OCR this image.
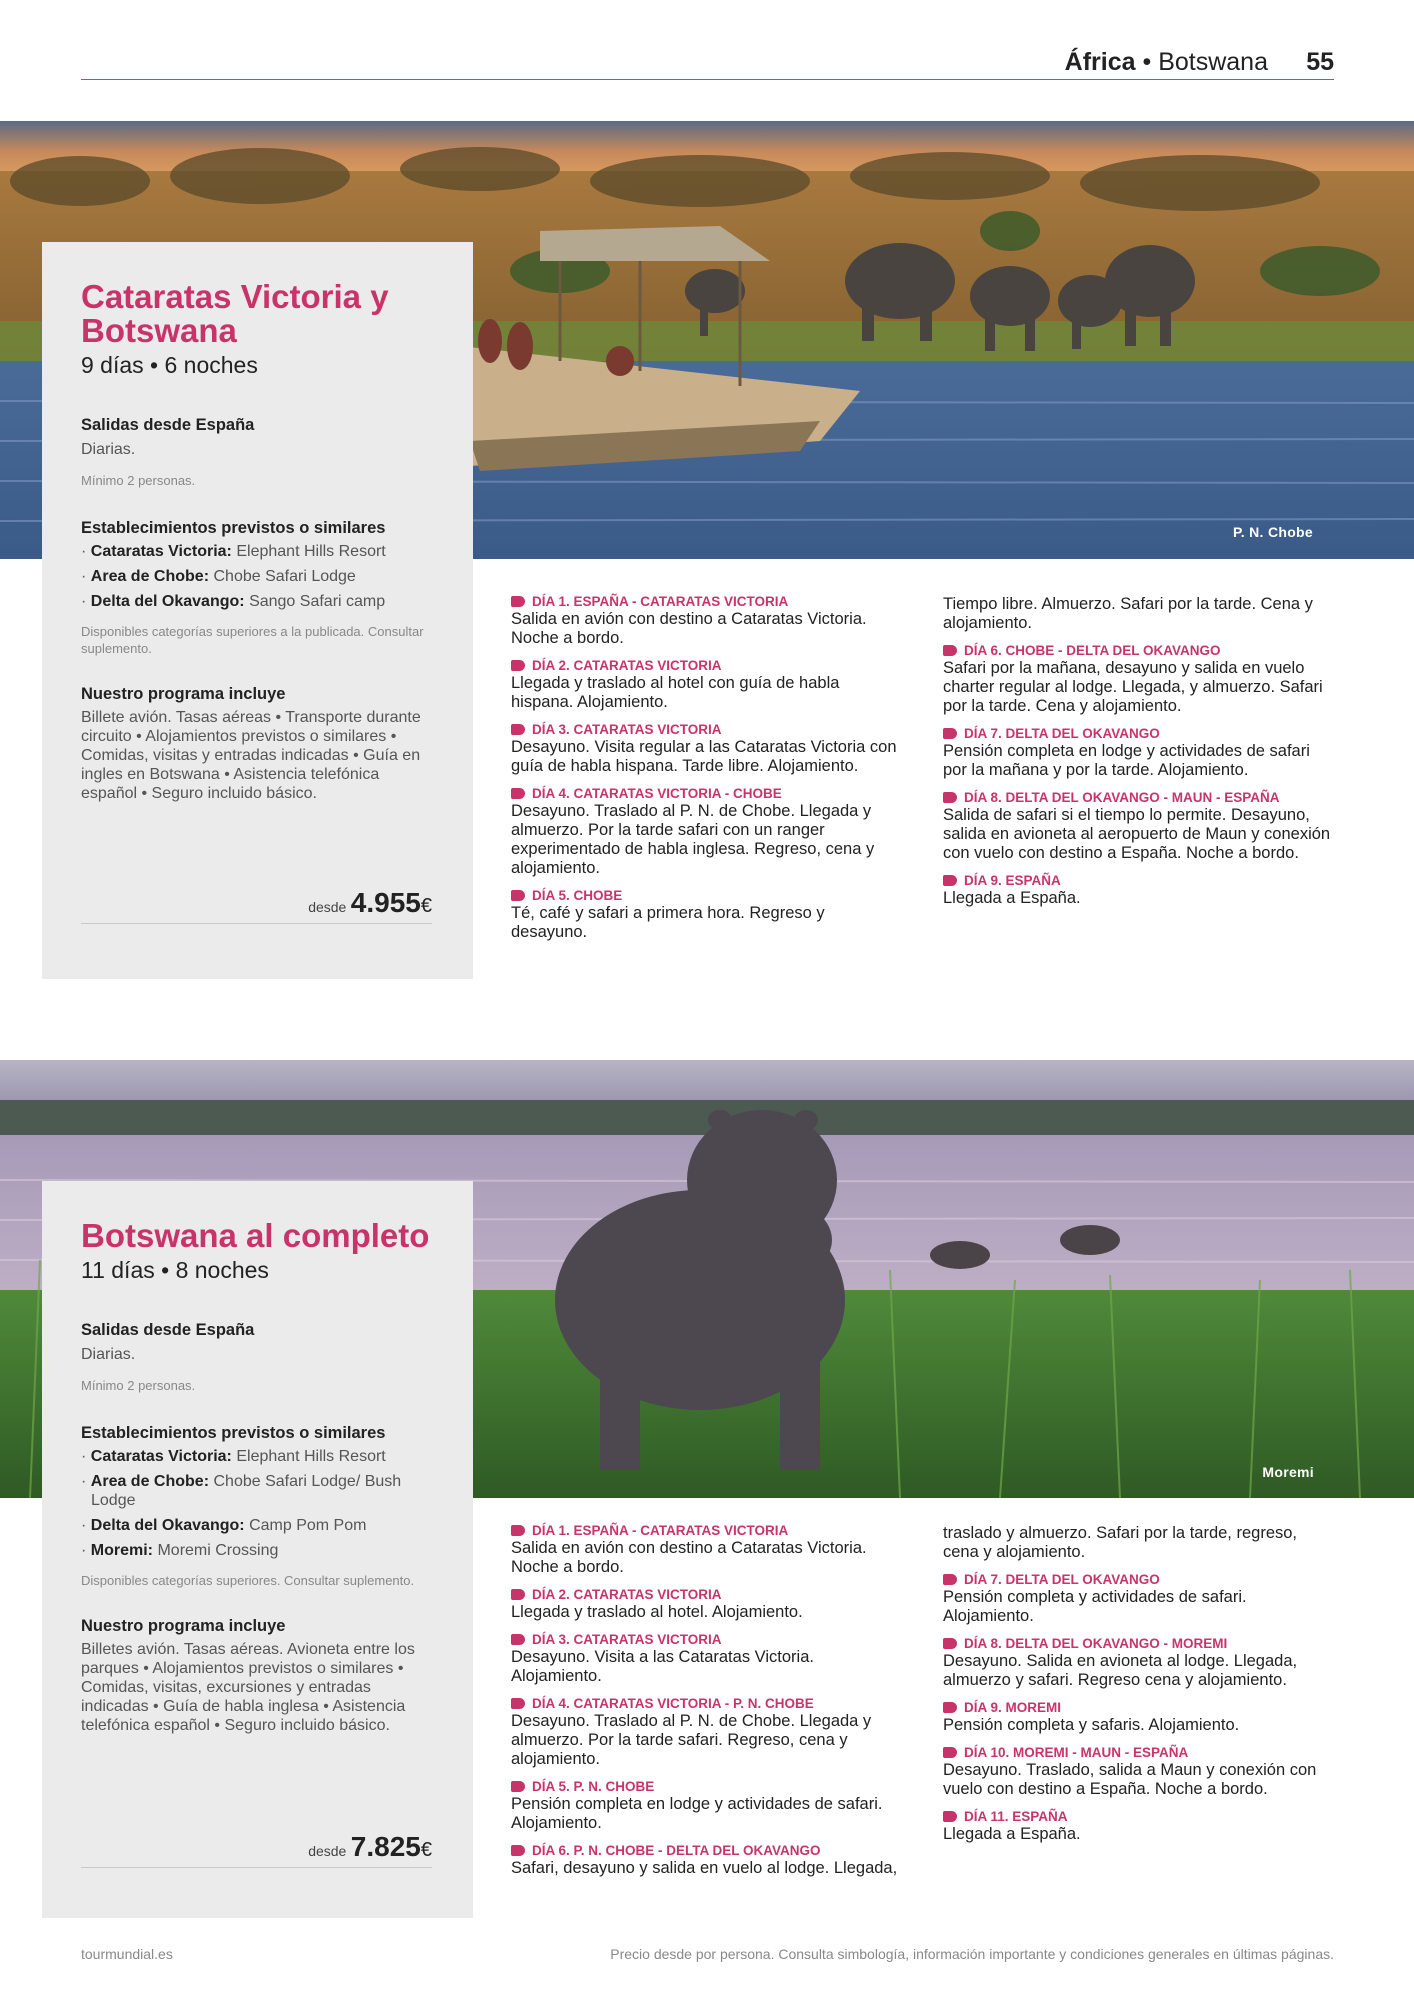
África • Botswana 55
P. N. Chobe
Cataratas Victoria y Botswana
9 días • 6 noches
Salidas desde España
Diarias.
Mínimo 2 personas.
Establecimientos previstos o similares
· Cataratas Victoria: Elephant Hills Resort
· Area de Chobe: Chobe Safari Lodge
· Delta del Okavango: Sango Safari camp
Disponibles categorías superiores a la publicada. Consultar suplemento.
Nuestro programa incluye
Billete avión. Tasas aéreas • Transporte durante circuito • Alojamientos previstos o similares • Comidas, visitas y entradas indicadas • Guía en ingles en Botswana • Asistencia telefónica español • Seguro incluido básico.
desde 4.955€
DÍA 1. ESPAÑA - CATARATAS VICTORIA
Salida en avión con destino a Cataratas Victoria. Noche a bordo.
DÍA 2. CATARATAS VICTORIA
Llegada y traslado al hotel con guía de habla hispana. Alojamiento.
DÍA 3. CATARATAS VICTORIA
Desayuno. Visita regular a las Cataratas Victoria con guía de habla hispana. Tarde libre. Alojamiento.
DÍA 4. CATARATAS VICTORIA - CHOBE
Desayuno. Traslado al P. N. de Chobe. Llegada y almuerzo. Por la tarde safari con un ranger experimentado de habla inglesa. Regreso, cena y alojamiento.
DÍA 5. CHOBE
Té, café y safari a primera hora. Regreso y desayuno.
Tiempo libre. Almuerzo. Safari por la tarde. Cena y alojamiento.
DÍA 6. CHOBE - DELTA DEL OKAVANGO
Safari por la mañana, desayuno y salida en vuelo charter regular al lodge. Llegada, y almuerzo. Safari por la tarde. Cena y alojamiento.
DÍA 7. DELTA DEL OKAVANGO
Pensión completa en lodge y actividades de safari por la mañana y por la tarde. Alojamiento.
DÍA 8. DELTA DEL OKAVANGO - MAUN - ESPAÑA
Salida de safari si el tiempo lo permite. Desayuno, salida en avioneta al aeropuerto de Maun y conexión con vuelo con destino a España. Noche a bordo.
DÍA 9. ESPAÑA
Llegada a España.
Moremi
Botswana al completo
11 días • 8 noches
Salidas desde España
Diarias.
Mínimo 2 personas.
Establecimientos previstos o similares
· Cataratas Victoria: Elephant Hills Resort
· Area de Chobe: Chobe Safari Lodge/ Bush Lodge
· Delta del Okavango: Camp Pom Pom
· Moremi: Moremi Crossing
Disponibles categorías superiores. Consultar suplemento.
Nuestro programa incluye
Billetes avión. Tasas aéreas. Avioneta entre los parques • Alojamientos previstos o similares • Comidas, visitas, excursiones y entradas indicadas • Guía de habla inglesa • Asistencia telefónica español • Seguro incluido básico.
desde 7.825€
DÍA 1. ESPAÑA - CATARATAS VICTORIA
Salida en avión con destino a Cataratas Victoria. Noche a bordo.
DÍA 2. CATARATAS VICTORIA
Llegada y traslado al hotel. Alojamiento.
DÍA 3. CATARATAS VICTORIA
Desayuno. Visita a las Cataratas Victoria. Alojamiento.
DÍA 4. CATARATAS VICTORIA - P. N. CHOBE
Desayuno. Traslado al P. N. de Chobe. Llegada y almuerzo. Por la tarde safari. Regreso, cena y alojamiento.
DÍA 5. P. N. CHOBE
Pensión completa en lodge y actividades de safari. Alojamiento.
DÍA 6. P. N. CHOBE - DELTA DEL OKAVANGO
Safari, desayuno y salida en vuelo al lodge. Llegada,
traslado y almuerzo. Safari por la tarde, regreso, cena y alojamiento.
DÍA 7. DELTA DEL OKAVANGO
Pensión completa y actividades de safari. Alojamiento.
DÍA 8. DELTA DEL OKAVANGO - MOREMI
Desayuno. Salida en avioneta al lodge. Llegada, almuerzo y safari. Regreso cena y alojamiento.
DÍA 9. MOREMI
Pensión completa y safaris. Alojamiento.
DÍA 10. MOREMI - MAUN - ESPAÑA
Desayuno. Traslado, salida a Maun y conexión con vuelo con destino a España. Noche a bordo.
DÍA 11. ESPAÑA
Llegada a España.
tourmundial.es	Precio desde por persona. Consulta simbología, información importante y condiciones generales en últimas páginas.
